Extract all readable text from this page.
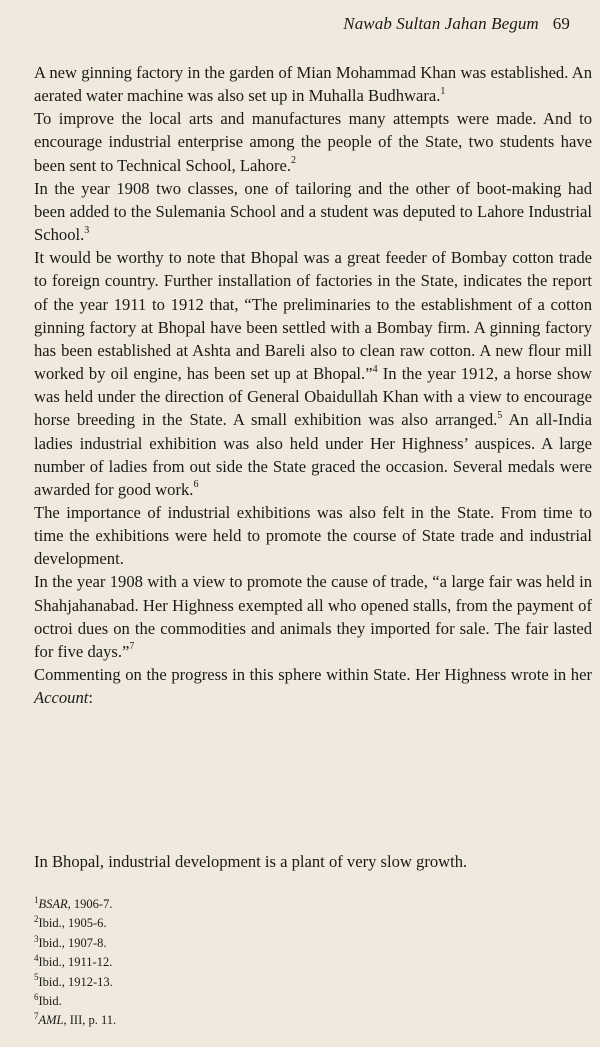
Nawab Sultan Jahan Begum 69

A new ginning factory in the garden of Mian Mohammad Khan was established. An aerated water machine was also set up in Muhalla Budhwara.$^1$

To improve the local arts and manufactures many attempts were made. And to encourage industrial enterprise among the people of the State, two students have been sent to Technical School, Lahore.$^2$

In the year 1908 two classes, one of tailoring and the other of boot-making had been added to the Sulemania School and a student was deputed to Lahore Industrial School.$^3$

It would be worthy to note that Bhopal was a great feeder of Bombay cotton trade to foreign country. Further installation of factories in the State, indicates the report of the year 1911 to 1912 that, “The preliminaries to the establishment of a cotton ginning factory at Bhopal have been settled with a Bombay firm. A ginning factory has been established at Ashta and Bareli also to clean raw cotton. A new flour mill worked by oil engine, has been set up at Bhopal.”$^4$ In the year 1912, a horse show was held under the direction of General Obaidullah Khan with a view to encourage horse breeding in the State. A small exhibition was also arranged.$^5$ An all-India ladies industrial exhibition was also held under Her Highness’ auspices. A large number of ladies from out side the State graced the occasion. Several medals were awarded for good work.$^6$

The importance of industrial exhibitions was also felt in the State. From time to time the exhibitions were held to promote the course of State trade and industrial development.

In the year 1908 with a view to promote the cause of trade, “a large fair was held in Shahjahanabad. Her Highness exempted all who opened stalls, from the payment of octroi dues on the commodities and animals they imported for sale. The fair lasted for five days.”$^7$

Commenting on the progress in this sphere within State. Her Highness wrote in her Account:

In Bhopal, industrial development is a plant of very slow growth.
$^1$BSAR, 1906-7.
$^2$Ibid., 1905-6.
$^3$Ibid., 1907-8.
$^4$Ibid., 1911-12.
$^5$Ibid., 1912-13.
$^6$Ibid.
$^7$AML, III, p. 11.
